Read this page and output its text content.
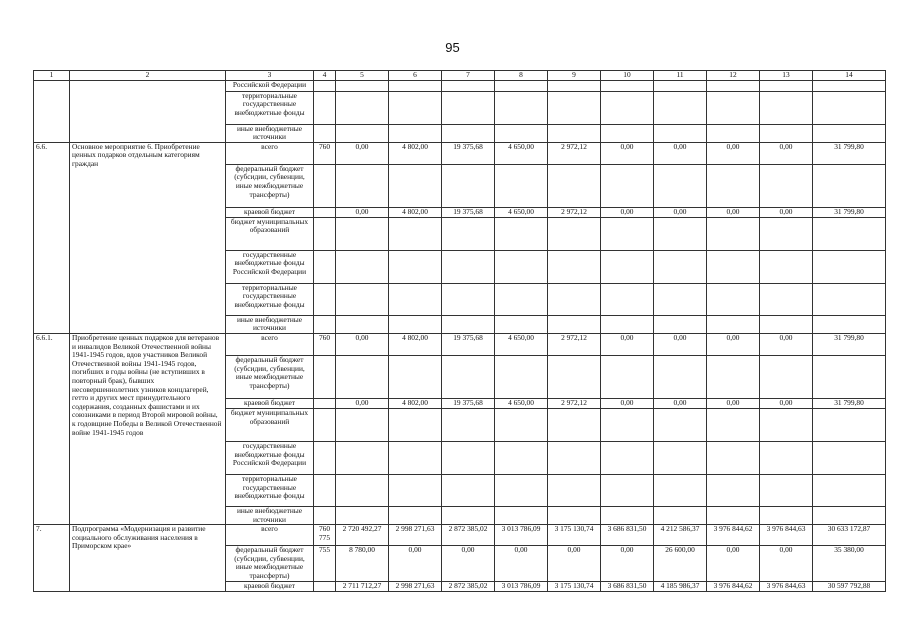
95
1	2	3	4	5	6	7	8	9	10	11	12	13	14
		Российской Федерации											
		территориальные государственные внебюджетные фонды											
		иные внебюджетные источники											
6.6.	Основное мероприятие 6. Приобретение ценных подарков отдельным категориям граждан	всего	760	0,00	4 802,00	19 375,68	4 650,00	2 972,12	0,00	0,00	0,00	0,00	31 799,80
		федеральный бюджет (субсидии, субвенции, иные межбюджетные трансферты)											
		краевой бюджет		0,00	4 802,00	19 375,68	4 650,00	2 972,12	0,00	0,00	0,00	0,00	31 799,80
		бюджет муниципальных образований											
		государственные внебюджетные фонды Российской Федерации											
		территориальные государственные внебюджетные фонды											
		иные внебюджетные источники											
6.6.1.	Приобретение ценных подарков для ветеранов и инвалидов Великой Отечественной войны 1941-1945 годов, вдов участников Великой Отечественной войны 1941-1945 годов, погибших в годы войны (не вступивших в повторный брак), бывших несовершеннолетних узников концлагерей, гетто и других мест принудительного содержания, созданных фашистами и их союзниками в период Второй мировой войны, к годовщине Победы в Великой Отечественной войне 1941-1945 годов	всего	760	0,00	4 802,00	19 375,68	4 650,00	2 972,12	0,00	0,00	0,00	0,00	31 799,80
		федеральный бюджет (субсидии, субвенции, иные межбюджетные трансферты)											
		краевой бюджет		0,00	4 802,00	19 375,68	4 650,00	2 972,12	0,00	0,00	0,00	0,00	31 799,80
		бюджет муниципальных образований											
		государственные внебюджетные фонды Российской Федерации											
		территориальные государственные внебюджетные фонды											
		иные внебюджетные источники											
7.	Подпрограмма «Модернизация и развитие социального обслуживания населения в Приморском крае»	всего	760 775	2 720 492,27	2 998 271,63	2 872 385,02	3 013 786,09	3 175 130,74	3 686 831,50	4 212 586,37	3 976 844,62	3 976 844,63	30 633 172,87
		федеральный бюджет (субсидии, субвенции, иные межбюджетные трансферты)	755	8 780,00	0,00	0,00	0,00	0,00	0,00	26 600,00	0,00	0,00	35 380,00
		краевой бюджет		2 711 712,27	2 998 271,63	2 872 385,02	3 013 786,09	3 175 130,74	3 686 831,50	4 185 986,37	3 976 844,62	3 976 844,63	30 597 792,88
